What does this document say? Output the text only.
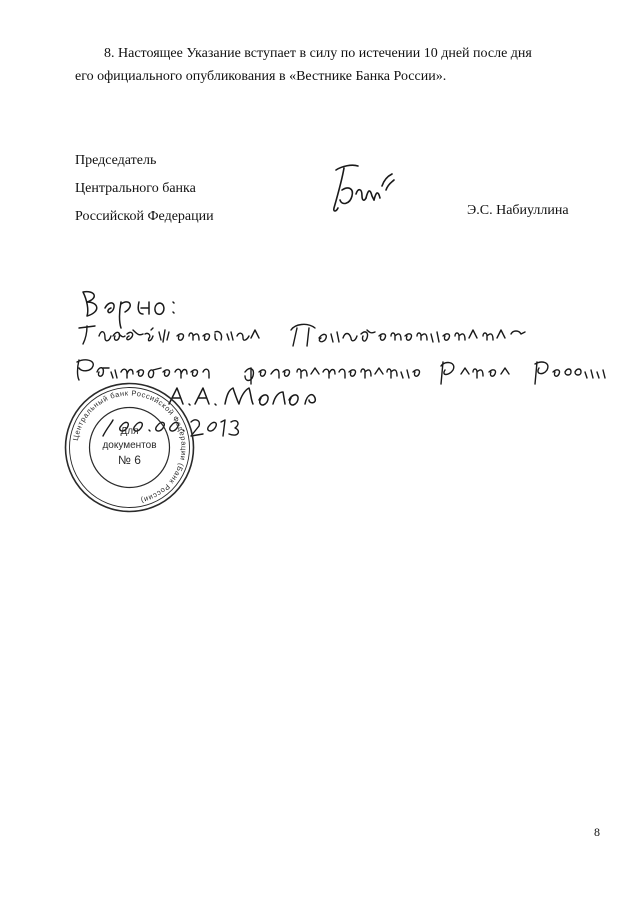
8. Настоящее Указание вступает в силу по истечении 10 дней после дня
его официального опубликования в «Вестнике Банка России».
Председатель
Центрального банка
Российской Федерации	Э.С. Набиуллина
Центральный банк Российской Федерации (Банк России)
Для
документов
№ 6
8
